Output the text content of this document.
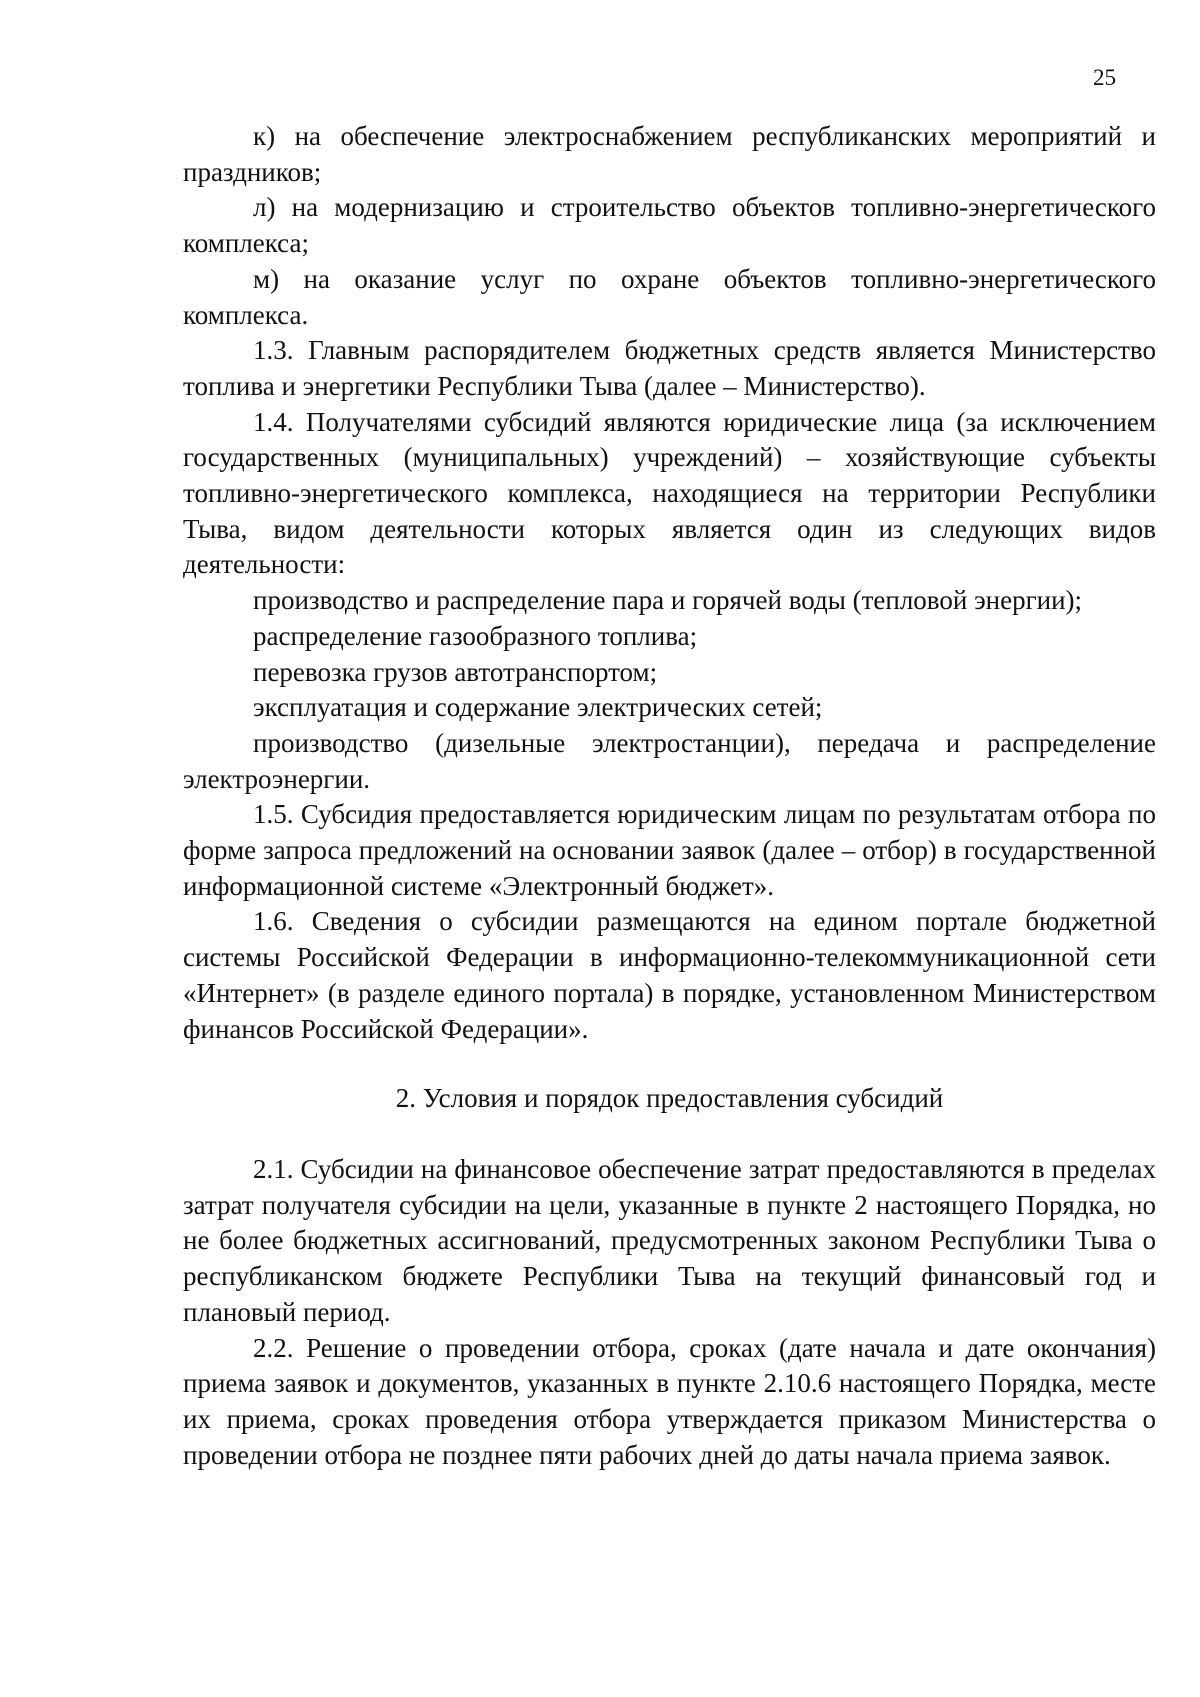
25

к) на обеспечение электроснабжением республиканских мероприятий и праздников;

л) на модернизацию и строительство объектов топливно-энергетического комплекса;

м) на оказание услуг по охране объектов топливно-энергетического комплекса.

1.3. Главным распорядителем бюджетных средств является Министерство топлива и энергетики Республики Тыва (далее – Министерство).

1.4. Получателями субсидий являются юридические лица (за исключением государственных (муниципальных) учреждений) – хозяйствующие субъекты топливно-энергетического комплекса, находящиеся на территории Республики Тыва, видом деятельности которых является один из следующих видов деятельности:

производство и распределение пара и горячей воды (тепловой энергии);

распределение газообразного топлива;

перевозка грузов автотранспортом;

эксплуатация и содержание электрических сетей;

производство (дизельные электростанции), передача и распределение электроэнергии.

1.5. Субсидия предоставляется юридическим лицам по результатам отбора по форме запроса предложений на основании заявок (далее – отбор) в государственной информационной системе «Электронный бюджет».

1.6. Сведения о субсидии размещаются на едином портале бюджетной системы Российской Федерации в информационно-телекоммуникационной сети «Интернет» (в разделе единого портала) в порядке, установленном Министерством финансов Российской Федерации».

2. Условия и порядок предоставления субсидий

2.1. Субсидии на финансовое обеспечение затрат предоставляются в пределах затрат получателя субсидии на цели, указанные в пункте 2 настоящего Порядка, но не более бюджетных ассигнований, предусмотренных законом Республики Тыва о республиканском бюджете Республики Тыва на текущий финансовый год и плановый период.

2.2. Решение о проведении отбора, сроках (дате начала и дате окончания) приема заявок и документов, указанных в пункте 2.10.6 настоящего Порядка, месте их приема, сроках проведения отбора утверждается приказом Министерства о проведении отбора не позднее пяти рабочих дней до даты начала приема заявок.
